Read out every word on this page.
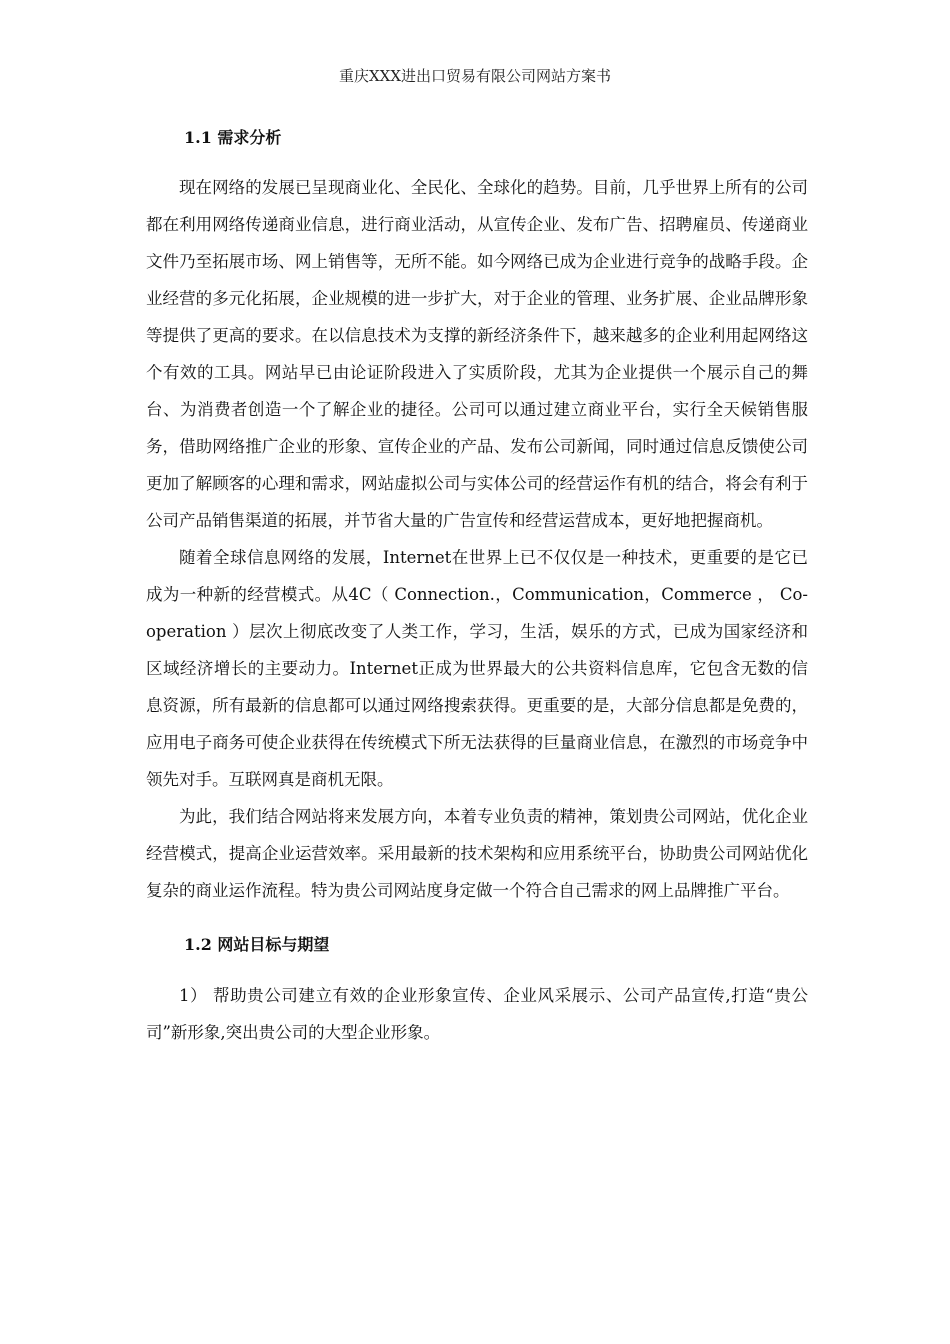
重庆XXX进出口贸易有限公司网站方案书
1.1 需求分析

现在网络的发展已呈现商业化、全民化、全球化的趋势。目前，几乎世界上所有的公司都在利用网络传递商业信息，进行商业活动，从宣传企业、发布广告、招聘雇员、传递商业文件乃至拓展市场、网上销售等，无所不能。如今网络已成为企业进行竞争的战略手段。企业经营的多元化拓展，企业规模的进一步扩大，对于企业的管理、业务扩展、企业品牌形象等提供了更高的要求。在以信息技术为支撑的新经济条件下，越来越多的企业利用起网络这个有效的工具。网站早已由论证阶段进入了实质阶段，尤其为企业提供一个展示自己的舞台、为消费者创造一个了解企业的捷径。公司可以通过建立商业平台，实行全天候销售服务，借助网络推广企业的形象、宣传企业的产品、发布公司新闻，同时通过信息反馈使公司更加了解顾客的心理和需求，网站虚拟公司与实体公司的经营运作有机的结合，将会有利于公司产品销售渠道的拓展，并节省大量的广告宣传和经营运营成本，更好地把握商机。

随着全球信息网络的发展，Internet在世界上已不仅仅是一种技术，更重要的是它已成为一种新的经营模式。从4C（ Connection.，Communication，Commerce ， Co-operation ）层次上彻底改变了人类工作，学习，生活，娱乐的方式，已成为国家经济和区域经济增长的主要动力。Internet正成为世界最大的公共资料信息库，它包含无数的信息资源，所有最新的信息都可以通过网络搜索获得。更重要的是，大部分信息都是免费的，应用电子商务可使企业获得在传统模式下所无法获得的巨量商业信息，在激烈的市场竞争中领先对手。互联网真是商机无限。

为此，我们结合网站将来发展方向，本着专业负责的精神，策划贵公司网站，优化企业经营模式，提高企业运营效率。采用最新的技术架构和应用系统平台，协助贵公司网站优化复杂的商业运作流程。特为贵公司网站度身定做一个符合自己需求的网上品牌推广平台。

1.2 网站目标与期望

1） 帮助贵公司建立有效的企业形象宣传、企业风采展示、公司产品宣传,打造“贵公司”新形象,突出贵公司的大型企业形象。
